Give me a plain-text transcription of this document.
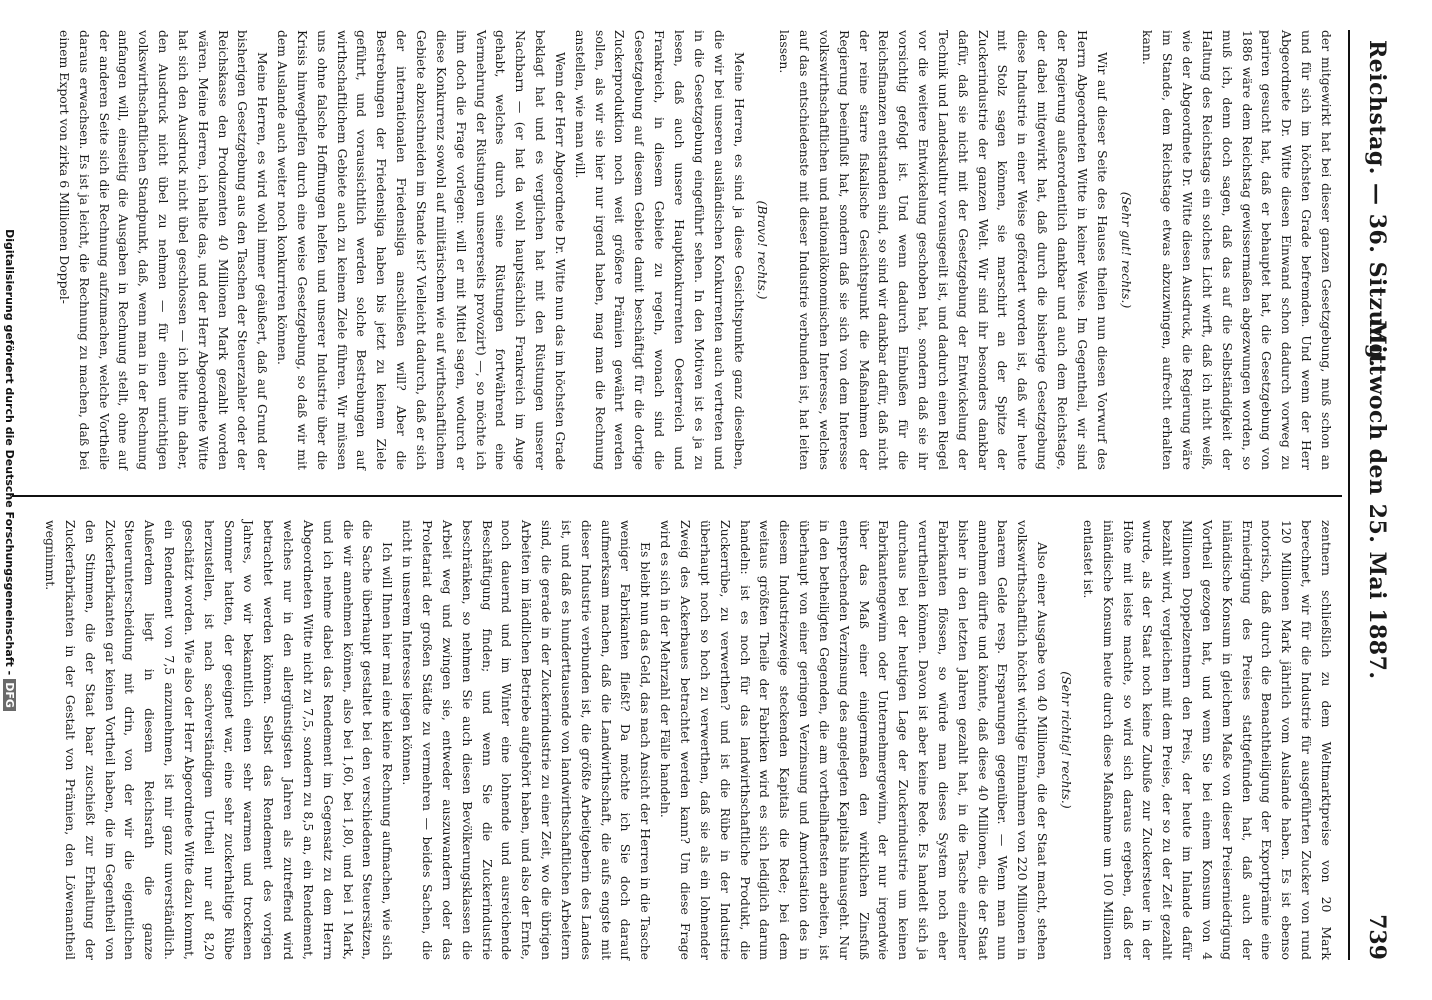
Reichstag. — 36. Sitzung.
Mittwoch den 25. Mai 1887.
739

der mitgewirkt hat bei dieser ganzen Gesetzgebung, muß schon an und für sich im höchsten Grade befremden. Und wenn der Herr Abgeordnete Dr. Witte diesen Einwand schon dadurch vorweg zu pariren gesucht hat, daß er behauptet hat, die Gesetzgebung von 1886 wäre dem Reichstag gewissermaßen abgezwungen worden, so muß ich, denn doch sagen, daß das auf die Selbständigkeit der Haltung des Reichstags ein solches Licht wirft, daß ich nicht weiß, wie der Abgeordnete Dr. Witte diesen Ausdruck, die Regierung wäre im Stande, dem Reichstage etwas abzuzwingen, aufrecht erhalten kann.

(Sehr gut! rechts.)

Wir auf dieser Seite des Hauses theilen nun diesen Vorwurf des Herrn Abgeordneten Witte in keiner Weise. Im Gegentheil, wir sind der Regierung außerordentlich dankbar und auch dem Reichstage, der dabei mitgewirkt hat, daß durch die bisherige Gesetzgebung diese Industrie in einer Weise gefördert worden ist, daß wir heute mit Stolz sagen können, sie marschirt an der Spitze der Zuckerindustrie der ganzen Welt. Wir sind ihr besonders dankbar dafür, daß sie nicht mit der Gesetzgebung der Entwickelung der Technik und Landeskultur vorausgeeilt ist, und dadurch einen Riegel vor die weitere Entwickelung geschoben hat, sondern daß sie ihr vorsichtig gefolgt ist. Und wenn dadurch Einbußen für die Reichsfinanzen entstanden sind, so sind wir dankbar dafür, daß nicht der reine starre fiskalische Gesichtspunkt die Maßnahmen der Regierung beeinflußt hat, sondern daß sie sich von dem Interesse volkswirthschaftlichen und nationalökonomischen Interesse, welches auf das entschiedenste mit dieser Industrie verbunden ist, hat leiten lassen.

(Bravo! rechts.)

Meine Herren, es sind ja diese Gesichtspunkte ganz dieselben, die wir bei unseren ausländischen Konkurrenten auch vertreten und in die Gesetzgebung eingeführt sehen. In den Motiven ist es ja zu lesen, daß auch unsere Hauptkonkurrenten Oesterreich und Frankreich, in diesem Gebiete zu regeln, wonach sind die Gesetzgebung auf diesem Gebiete damit beschäftigt für die dortige Zuckerproduktion noch weit größere Prämien gewährt werden sollen, als wir sie hier nur irgend haben, mag man die Rechnung anstellen, wie man will.

Wenn der Herr Abgeordnete Dr. Witte nun das im höchsten Grade beklagt hat und es verglichen hat mit den Rüstungen unserer Nachbarn — (er hat da wohl hauptsächlich Frankreich im Auge gehabt, welches durch seine Rüstungen fortwährend eine Vermehrung der Rüstungen unsererseits provozirt) —, so möchte ich ihm doch die Frage vorlegen: will er mit Mittel sagen, wodurch er diese Konkurrenz sowohl auf militärischem wie auf wirthschaftlichem Gebiete abzuschneiden im Stande ist? Vielleicht dadurch, daß er sich der internationalen Friedensliga anschließen will? Aber die Bestrebungen der Friedensliga haben bis jetzt zu keinem Ziele geführt, und voraussichtlich werden solche Bestrebungen auf wirthschaftlichem Gebiete auch zu keinem Ziele führen. Wir müssen uns ohne falsche Hoffnungen helfen und unserer Industrie über die Krisis hinweghelfen durch eine weise Gesetzgebung, so daß wir mit dem Auslande auch weiter noch konkurriren können.

Meine Herren, es wird wohl immer geäußert, daß auf Grund der bisherigen Gesetzgebung aus den Taschen der Steuerzahler oder der Reichskasse den Produzenten 40 Millionen Mark gezahlt worden wären. Meine Herren, ich halte das, und der Herr Abgeordnete Witte hat sich den Ausdruck nicht übel geschlossen — ich bitte ihn daher, den Ausdruck nicht übel zu nehmen — für einen unrichtigen volkswirthschaftlichen Standpunkt, daß, wenn man in der Rechnung anfangen will, einseitig die Ausgaben in Rechnung stellt, ohne auf der anderen Seite sich die Rechnung aufzumachen, welche Vortheile daraus erwachsen. Es ist ja leicht, die Rechnung zu machen, daß bei einem Export von zirka 6 Millionen Doppel-

zentnern schließlich zu dem Weltmarktpreise von 20 Mark berechnet, wir für die Industrie für ausgeführten Zucker von rund 120 Millionen Mark jährlich vom Auslande haben. Es ist ebenso notorisch, daß durch die Benachtheiligung der Exportprämie eine Erniedrigung des Preises stattgefunden hat, daß auch der inländische Konsum in gleichem Maße von dieser Preiserniedrigung Vortheil gezogen hat, und wenn Sie bei einem Konsum von 4 Millionen Doppelzentnern den Preis, der heute im Inlande dafür bezahlt wird, vergleichen mit dem Preise, der so zu der Zeit gezahlt wurde, als der Staat noch keine Zubuße zur Zuckersteuer in der Höhe mit leiste machte, so wird sich daraus ergeben, daß der inländische Konsum heute durch diese Maßnahme um 100 Millionen entlastet ist.

(Sehr richtig! rechts.)

Also einer Ausgabe von 40 Millionen, die der Staat macht, stehen volkswirthschaftlich höchst wichtige Einnahmen von 220 Millionen in baarem Gelde resp. Ersparungen gegenüber. — Wenn man nun annehmen dürfte und könnte, daß diese 40 Millionen, die der Staat bisher in den letzten Jahren gezahlt hat, in die Tasche einzelner Fabrikanten flössen, so würde man dieses System noch eher verurtheilen können. Davon ist aber keine Rede. Es handelt sich ja durchaus bei der heutigen Lage der Zuckerindustrie um keinen Fabrikantengewinn oder Unternehmergewinn, der nur irgendwie über das Maß einer einigermaßen den wirklichen Zinsfuß entsprechenden Verzinsung des angelegten Kapitals hinausgeht. Nur in den betheiligten Gegenden, die am vortheilhaftesten arbeiten, ist überhaupt von einer geringen Verzinsung und Amortisation des in diesem Industriezweige steckenden Kapitals die Rede; bei dem weitaus größten Theile der Fabriken wird es sich lediglich darum handeln: ist es noch für das landwirthschaftliche Produkt, die Zuckerrübe, zu verwerthen? und ist die Rübe in der Industrie überhaupt noch so hoch zu verwerthen, daß sie als ein lohnender Zweig des Ackerbaues betrachtet werden kann? Um diese Frage wird es sich in der Mehrzahl der Fälle handeln.

Es bleibt nun das Geld, das nach Ansicht der Herren in die Tasche weniger Fabrikanten fließt? Da möchte ich Sie doch darauf aufmerksam machen, daß die Landwirthschaft, die aufs engste mit dieser Industrie verbunden ist, die größte Arbeitgeberin des Landes ist, und daß es hunderttausende von landwirthschaftlichen Arbeitern sind, die gerade in der Zuckerindustrie zu einer Zeit, wo die übrigen Arbeiten im ländlichen Betriebe aufgehört haben, und also der Ernte, noch dauernd und im Winter eine lohnende und ausreichende Beschäftigung finden; und wenn Sie die Zuckerindustrie beschränken, so nehmen Sie auch diesen Bevölkerungsklassen die Arbeit weg und zwingen sie, entweder auszuwandern oder das Proletariat der großen Städte zu vermehren — beides Sachen, die nicht in unserem Interesse liegen können.

Ich will Ihnen hier mal eine kleine Rechnung aufmachen, wie sich die Sache überhaupt gestaltet bei den verschiedenen Steuersätzen, die wir annehmen können, also bei 1,60, bei 1,80, und bei 1 Mark, und ich nehme dabei das Rendement im Gegensatz zu dem Herrn Abgeordneten Witte nicht zu 7,5, sondern zu 8,5 an, ein Rendement, welches nur in den allergünstigsten Jahren als zutreffend wird betrachtet werden können. Selbst das Rendement des vorigen Jahres, wo wir bekanntlich einen sehr warmen und trockenen Sommer hatten, der geeignet war, eine sehr zuckerhaltige Rübe herzustellen, ist nach sachverständigem Urtheil nur auf 8,20 geschätzt worden. Wie also der Herr Abgeordnete Witte dazu kommt, ein Rendement von 7,5 anzunehmen, ist mir ganz unverständlich. Außerdem liegt in diesem Reichsrath die ganze Steuerunterscheidung mit drin, von der wir die eigentlichen Zuckerfabrikanten gar keinen Vortheil haben, die im Gegentheil von den Stimmen, die der Staat baar zuschießt zur Erhaltung der Zuckerfabrikanten in der Gestalt von Prämien, den Löwenantheil wegnimmt.

Digitalisierung gefördert durch die Deutsche Forschungsgemeinschaft -DFG
